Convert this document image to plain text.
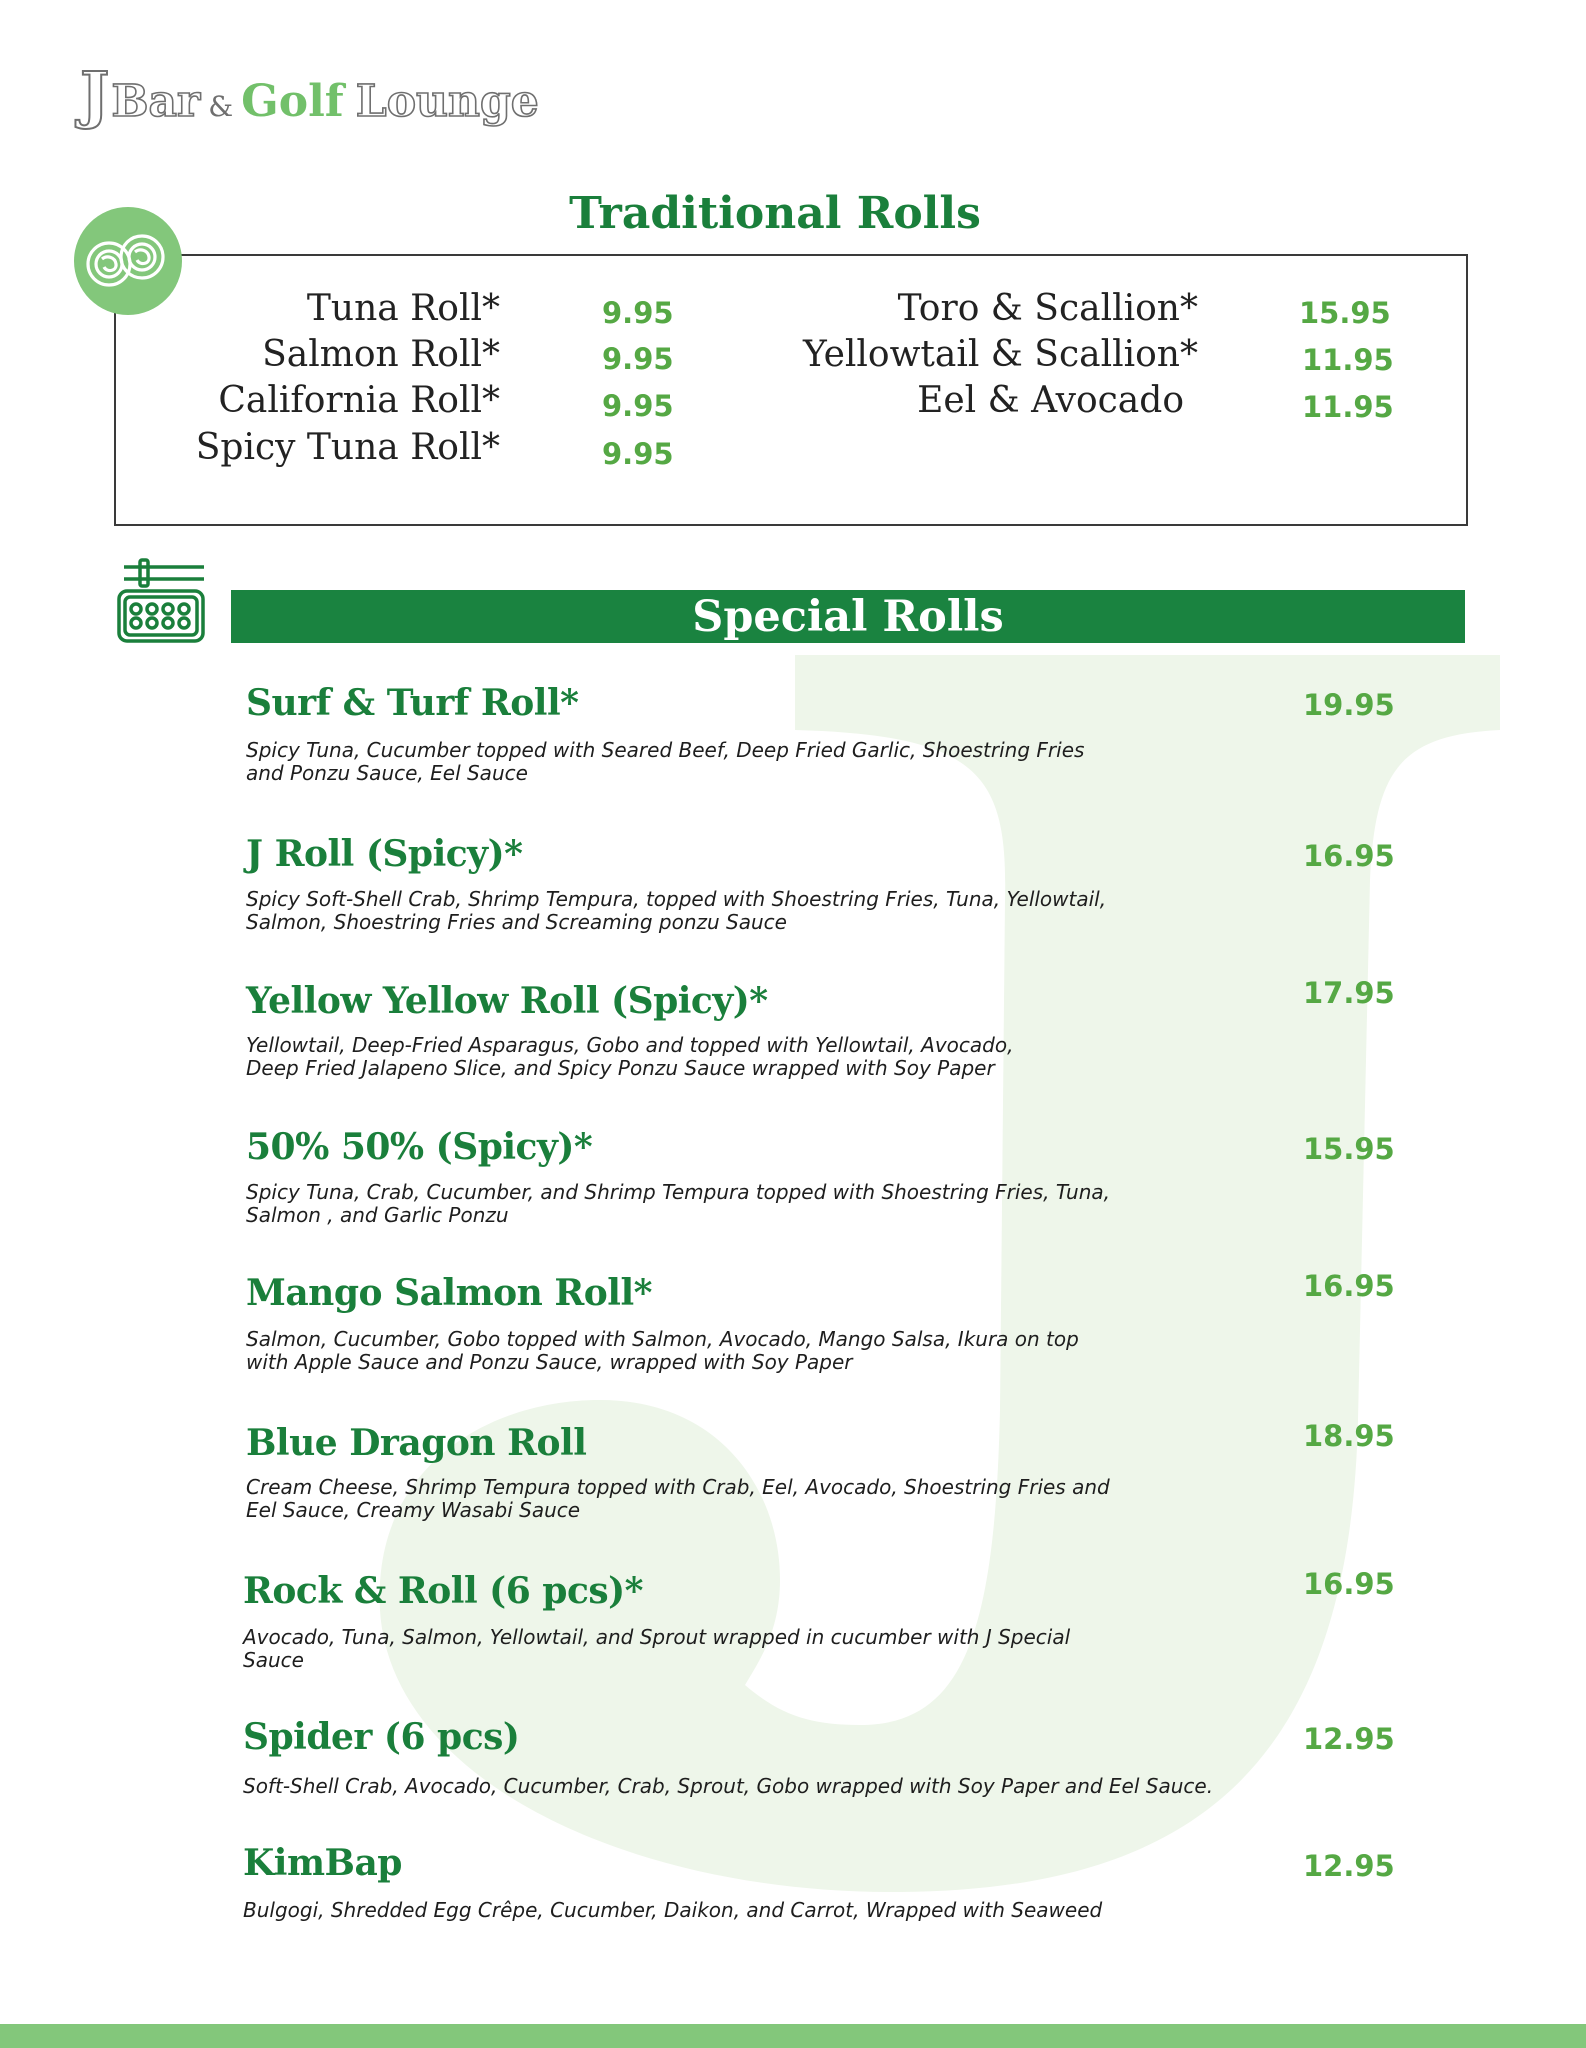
J Bar & Golf Lounge
Traditional Rolls
Tuna Roll*	9.95
Salmon Roll*	9.95
California Roll*	9.95
Spicy Tuna Roll*	9.95
Toro & Scallion*	15.95
Yellowtail & Scallion*	11.95
Eel & Avocado	11.95
Special Rolls
Surf & Turf Roll*	19.95
Spicy Tuna, Cucumber topped with Seared Beef, Deep Fried Garlic, Shoestring Fries
and Ponzu Sauce, Eel Sauce
J Roll (Spicy)*	16.95
Spicy Soft-Shell Crab, Shrimp Tempura, topped with Shoestring Fries, Tuna, Yellowtail,
Salmon, Shoestring Fries and Screaming ponzu Sauce
Yellow Yellow Roll (Spicy)*	17.95
Yellowtail, Deep-Fried Asparagus, Gobo and topped with Yellowtail, Avocado,
Deep Fried Jalapeno Slice, and Spicy Ponzu Sauce wrapped with Soy Paper
50% 50% (Spicy)*	15.95
Spicy Tuna, Crab, Cucumber, and Shrimp Tempura topped with Shoestring Fries, Tuna,
Salmon , and Garlic Ponzu
Mango Salmon Roll*	16.95
Salmon, Cucumber, Gobo topped with Salmon, Avocado, Mango Salsa, Ikura on top
with Apple Sauce and Ponzu Sauce, wrapped with Soy Paper
Blue Dragon Roll	18.95
Cream Cheese, Shrimp Tempura topped with Crab, Eel, Avocado, Shoestring Fries and
Eel Sauce, Creamy Wasabi Sauce
Rock & Roll (6 pcs)*	16.95
Avocado, Tuna, Salmon, Yellowtail, and Sprout wrapped in cucumber with J Special
Sauce
Spider (6 pcs)	12.95
Soft-Shell Crab, Avocado, Cucumber, Crab, Sprout, Gobo wrapped with Soy Paper and Eel Sauce.
KimBap	12.95
Bulgogi, Shredded Egg Crêpe, Cucumber, Daikon, and Carrot, Wrapped with Seaweed
